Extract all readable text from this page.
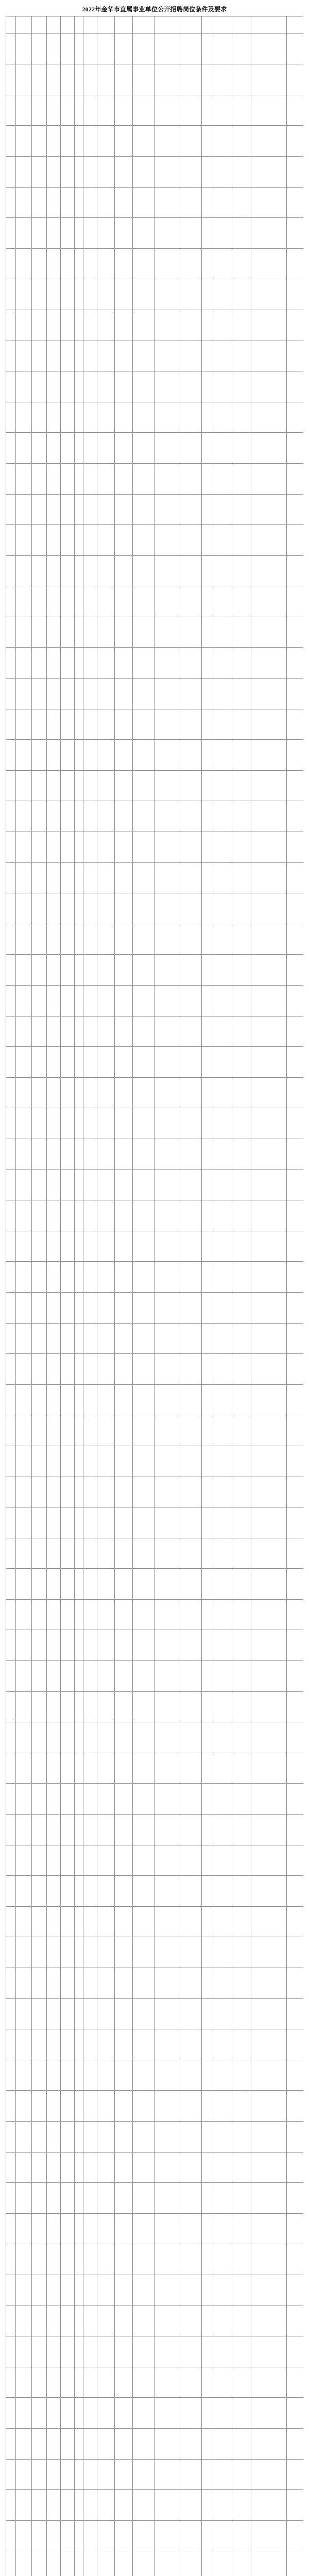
2022年金华市直属事业单位公开招聘岗位条件及要求
